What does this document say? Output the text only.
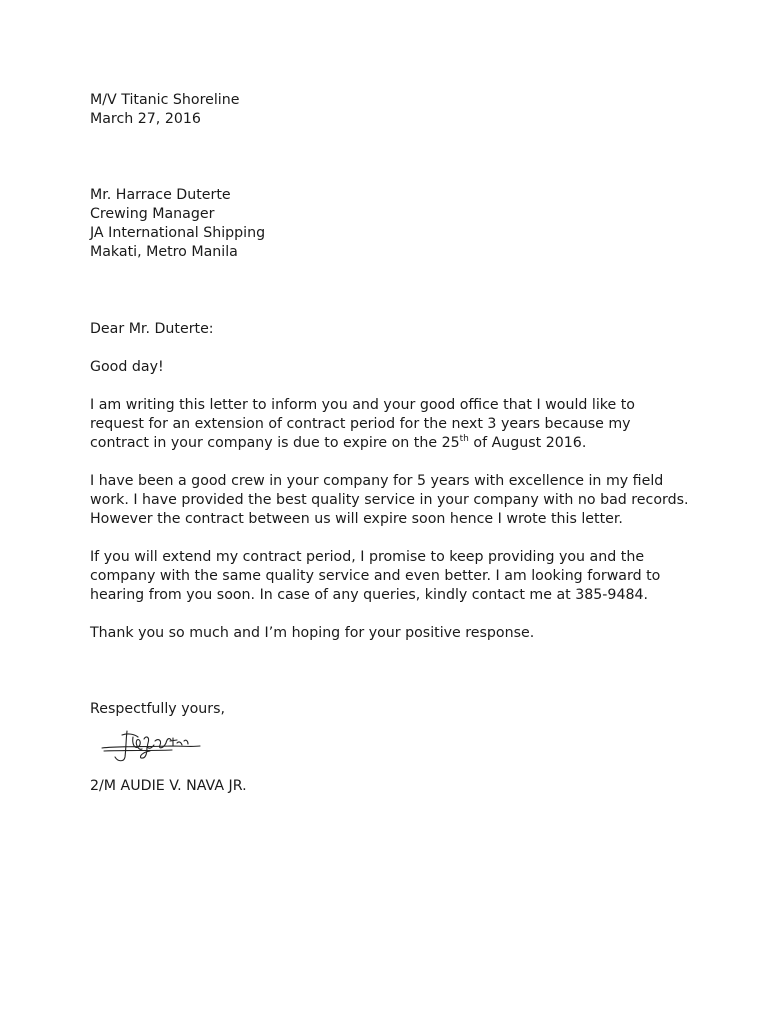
M/V Titanic Shoreline
March 27, 2016
Mr. Harrace Duterte
Crewing Manager
JA International Shipping
Makati, Metro Manila
Dear Mr. Duterte:
Good day!
I am writing this letter to inform you and your good office that I would like to
request for an extension of contract period for the next 3 years because my
contract in your company is due to expire on the 25th of August 2016.
I have been a good crew in your company for 5 years with excellence in my field
work. I have provided the best quality service in your company with no bad records.
However the contract between us will expire soon hence I wrote this letter.
If you will extend my contract period, I promise to keep providing you and the
company with the same quality service and even better. I am looking forward to
hearing from you soon. In case of any queries, kindly contact me at 385-9484.
Thank you so much and I’m hoping for your positive response.
Respectfully yours,
2/M AUDIE V. NAVA JR.
